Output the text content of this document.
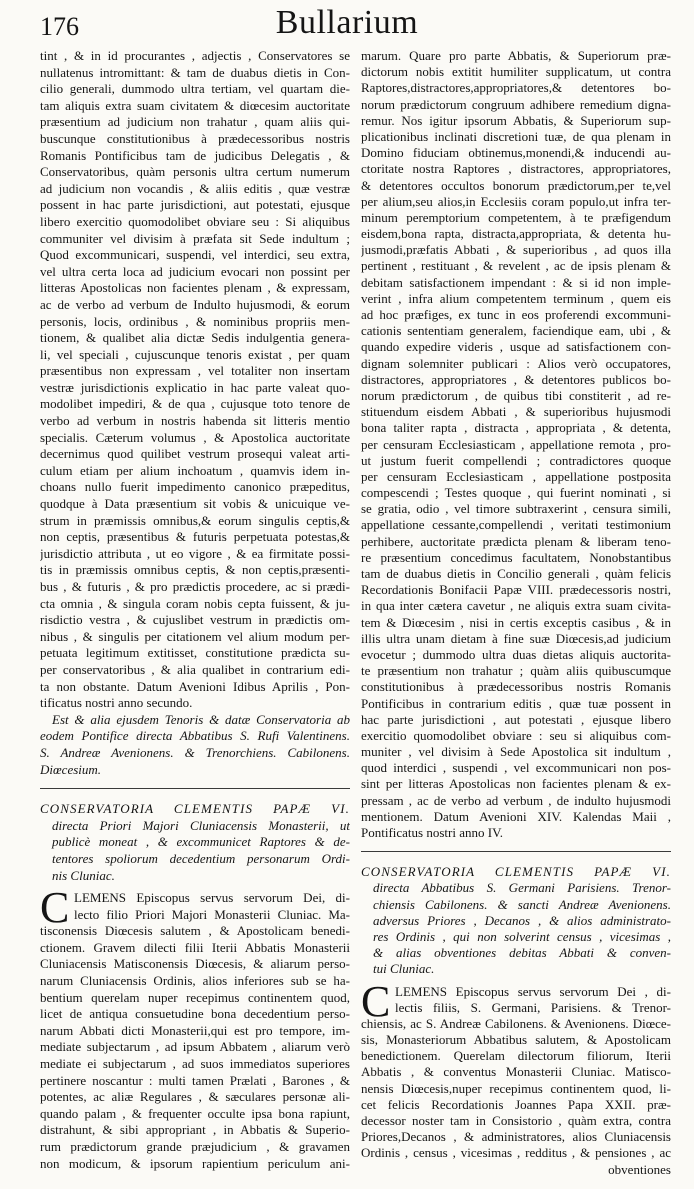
176	Bullarium
tint , & in id procurantes , adjectis , Conservatores se
nullatenus intromittant: & tam de duabus dietis in Con-
cilio generali, dummodo ultra tertiam, vel quartam die-
tam aliquis extra suam civitatem & diœcesim auctoritate
præsentium ad judicium non trahatur , quam aliis qui-
buscunque constitutionibus à prædecessoribus nostris
Romanis Pontificibus tam de judicibus Delegatis , &
Conservatoribus, quàm personis ultra certum numerum
ad judicium non vocandis , & aliis editis , quæ vestræ
possent in hac parte jurisdictioni, aut potestati, ejusque
libero exercitio quomodolibet obviare seu : Si aliquibus
communiter vel divisim à præfata sit Sede indultum ;
Quod excommunicari, suspendi, vel interdici, seu extra,
vel ultra certa loca ad judicium evocari non possint per
litteras Apostolicas non facientes plenam , & expressam,
ac de verbo ad verbum de Indulto hujusmodi, & eorum
personis, locis, ordinibus , & nominibus propriis men-
tionem, & qualibet alia dictæ Sedis indulgentia genera-
li, vel speciali , cujuscunque tenoris existat , per quam
præsentibus non expressam , vel totaliter non insertam
vestræ jurisdictionis explicatio in hac parte valeat quo-
modolibet impediri, & de qua , cujusque toto tenore de
verbo ad verbum in nostris habenda sit litteris mentio
specialis. Cæterum volumus , & Apostolica auctoritate
decernimus quod quilibet vestrum prosequi valeat arti-
culum etiam per alium inchoatum , quamvis idem in-
choans nullo fuerit impedimento canonico præpeditus,
quodque à Data præsentium sit vobis & unicuique ve-
strum in præmissis omnibus,& eorum singulis ceptis,&
non ceptis, præsentibus & futuris perpetuata potestas,&
jurisdictio attributa , ut eo vigore , & ea firmitate possi-
tis in præmissis omnibus ceptis, & non ceptis,præsenti-
bus , & futuris , & pro prædictis procedere, ac si prædi-
cta omnia , & singula coram nobis cepta fuissent, & ju-
risdictio vestra , & cujuslibet vestrum in prædictis om-
nibus , & singulis per citationem vel alium modum per-
petuata legitimum extitisset, constitutione prædicta su-
per conservatoribus , & alia qualibet in contrarium edi-
ta non obstante. Datum Avenioni Idibus Aprilis , Pon-
tificatus nostri anno secundo.
Est & alia ejusdem Tenoris & datæ Conservatoria ab
eodem Pontifice directa Abbatibus S. Rufi Valentinens.
S. Andreæ Avenionens. & Trenorchiens. Cabilonens.
Diœcesium.
CONSERVATORIA CLEMENTIS PAPÆ VI.
directa Priori Majori Cluniacensis Monasterii, ut
publicè moneat , & excommunicet Raptores & de-
tentores spoliorum decedentium personarum Ordi-
nis Cluniac.
C LEMENS Episcopus servus servorum Dei, di-
lecto filio Priori Majori Monasterii Cluniac. Ma-
tisconensis Diœcesis salutem , & Apostolicam benedi-
ctionem. Gravem dilecti filii Iterii Abbatis Monasterii
Cluniacensis Matisconensis Diœcesis, & aliarum perso-
narum Cluniacensis Ordinis, alios inferiores sub se ha-
bentium querelam nuper recepimus continentem quod,
licet de antiqua consuetudine bona decedentium perso-
narum Abbati dicti Monasterii,qui est pro tempore, im-
mediate subjectarum , ad ipsum Abbatem , aliarum verò
mediate ei subjectarum , ad suos immediatos superiores
pertinere noscantur : multi tamen Prælati , Barones , &
potentes, ac aliæ Regulares , & sæculares personæ ali-
quando palam , & frequenter occulte ipsa bona rapiunt,
distrahunt, & sibi appropriant , in Abbatis & Superio-
rum prædictorum grande præjudicium , & gravamen
non modicum, & ipsorum rapientium periculum ani-
marum. Quare pro parte Abbatis, & Superiorum præ-
dictorum nobis extitit humiliter supplicatum, ut contra
Raptores,distractores,appropriatores,& detentores bo-
norum prædictorum congruum adhibere remedium digna-
remur. Nos igitur ipsorum Abbatis, & Superiorum sup-
plicationibus inclinati discretioni tuæ, de qua plenam in
Domino fiduciam obtinemus,monendi,& inducendi au-
ctoritate nostra Raptores , distractores, appropriatores,
& detentores occultos bonorum prædictorum,per te,vel
per alium,seu alios,in Ecclesiis coram populo,ut infra ter-
minum peremptorium competentem, à te præfigendum
eisdem,bona rapta, distracta,appropriata, & detenta hu-
jusmodi,præfatis Abbati , & superioribus , ad quos illa
pertinent , restituant , & revelent , ac de ipsis plenam &
debitam satisfactionem impendant : & si id non imple-
verint , infra alium competentem terminum , quem eis
ad hoc præfiges, ex tunc in eos proferendi excommuni-
cationis sententiam generalem, faciendique eam, ubi , &
quando expedire videris , usque ad satisfactionem con-
dignam solemniter publicari : Alios verò occupatores,
distractores, appropriatores , & detentores publicos bo-
norum prædictorum , de quibus tibi constiterit , ad re-
stituendum eisdem Abbati , & superioribus hujusmodi
bona taliter rapta , distracta , appropriata , & detenta,
per censuram Ecclesiasticam , appellatione remota , pro-
ut justum fuerit compellendi ; contradictores quoque
per censuram Ecclesiasticam , appellatione postposita
compescendi ; Testes quoque , qui fuerint nominati , si
se gratia, odio , vel timore subtraxerint , censura simili,
appellatione cessante,compellendi , veritati testimonium
perhibere, auctoritate prædicta plenam & liberam teno-
re præsentium concedimus facultatem, Nonobstantibus
tam de duabus dietis in Concilio generali , quàm felicis
Recordationis Bonifacii Papæ VIII. prædecessoris nostri,
in qua inter cætera cavetur , ne aliquis extra suam civita-
tem & Diœcesim , nisi in certis exceptis casibus , & in
illis ultra unam dietam à fine suæ Diœcesis,ad judicium
evocetur ; dummodo ultra duas dietas aliquis auctorita-
te præsentium non trahatur ; quàm aliis quibuscumque
constitutionibus à prædecessoribus nostris Romanis
Pontificibus in contrarium editis , quæ tuæ possent in
hac parte jurisdictioni , aut potestati , ejusque libero
exercitio quomodolibet obviare : seu si aliquibus com-
muniter , vel divisim à Sede Apostolica sit indultum ,
quod interdici , suspendi , vel excommunicari non pos-
sint per litteras Apostolicas non facientes plenam & ex-
pressam , ac de verbo ad verbum , de indulto hujusmodi
mentionem. Datum Avenioni XIV. Kalendas Maii ,
Pontificatus nostri anno IV.
CONSERVATORIA CLEMENTIS PAPÆ VI.
directa Abbatibus S. Germani Parisiens. Trenor-
chiensis Cabilonens. & sancti Andreæ Avenionens.
adversus Priores , Decanos , & alios administrato-
res Ordinis , qui non solverint census , vicesimas ,
& alias obventiones debitas Abbati & conven-
tui Cluniac.
C LEMENS Episcopus servus servorum Dei , di-
lectis filiis, S. Germani, Parisiens. & Trenor-
chiensis, ac S. Andreæ Cabilonens. & Avenionens. Diœce-
sis, Monasteriorum Abbatibus salutem, & Apostolicam
benedictionem. Querelam dilectorum filiorum, Iterii
Abbatis , & conventus Monasterii Cluniac. Matisco-
nensis Diœcesis,nuper recepimus continentem quod, li-
cet felicis Recordationis Joannes Papa XXII. præ-
decessor noster tam in Consistorio , quàm extra, contra
Priores,Decanos , & administratores, alios Cluniacensis
Ordinis , census , vicesimas , redditus , & pensiones , ac
obventiones
